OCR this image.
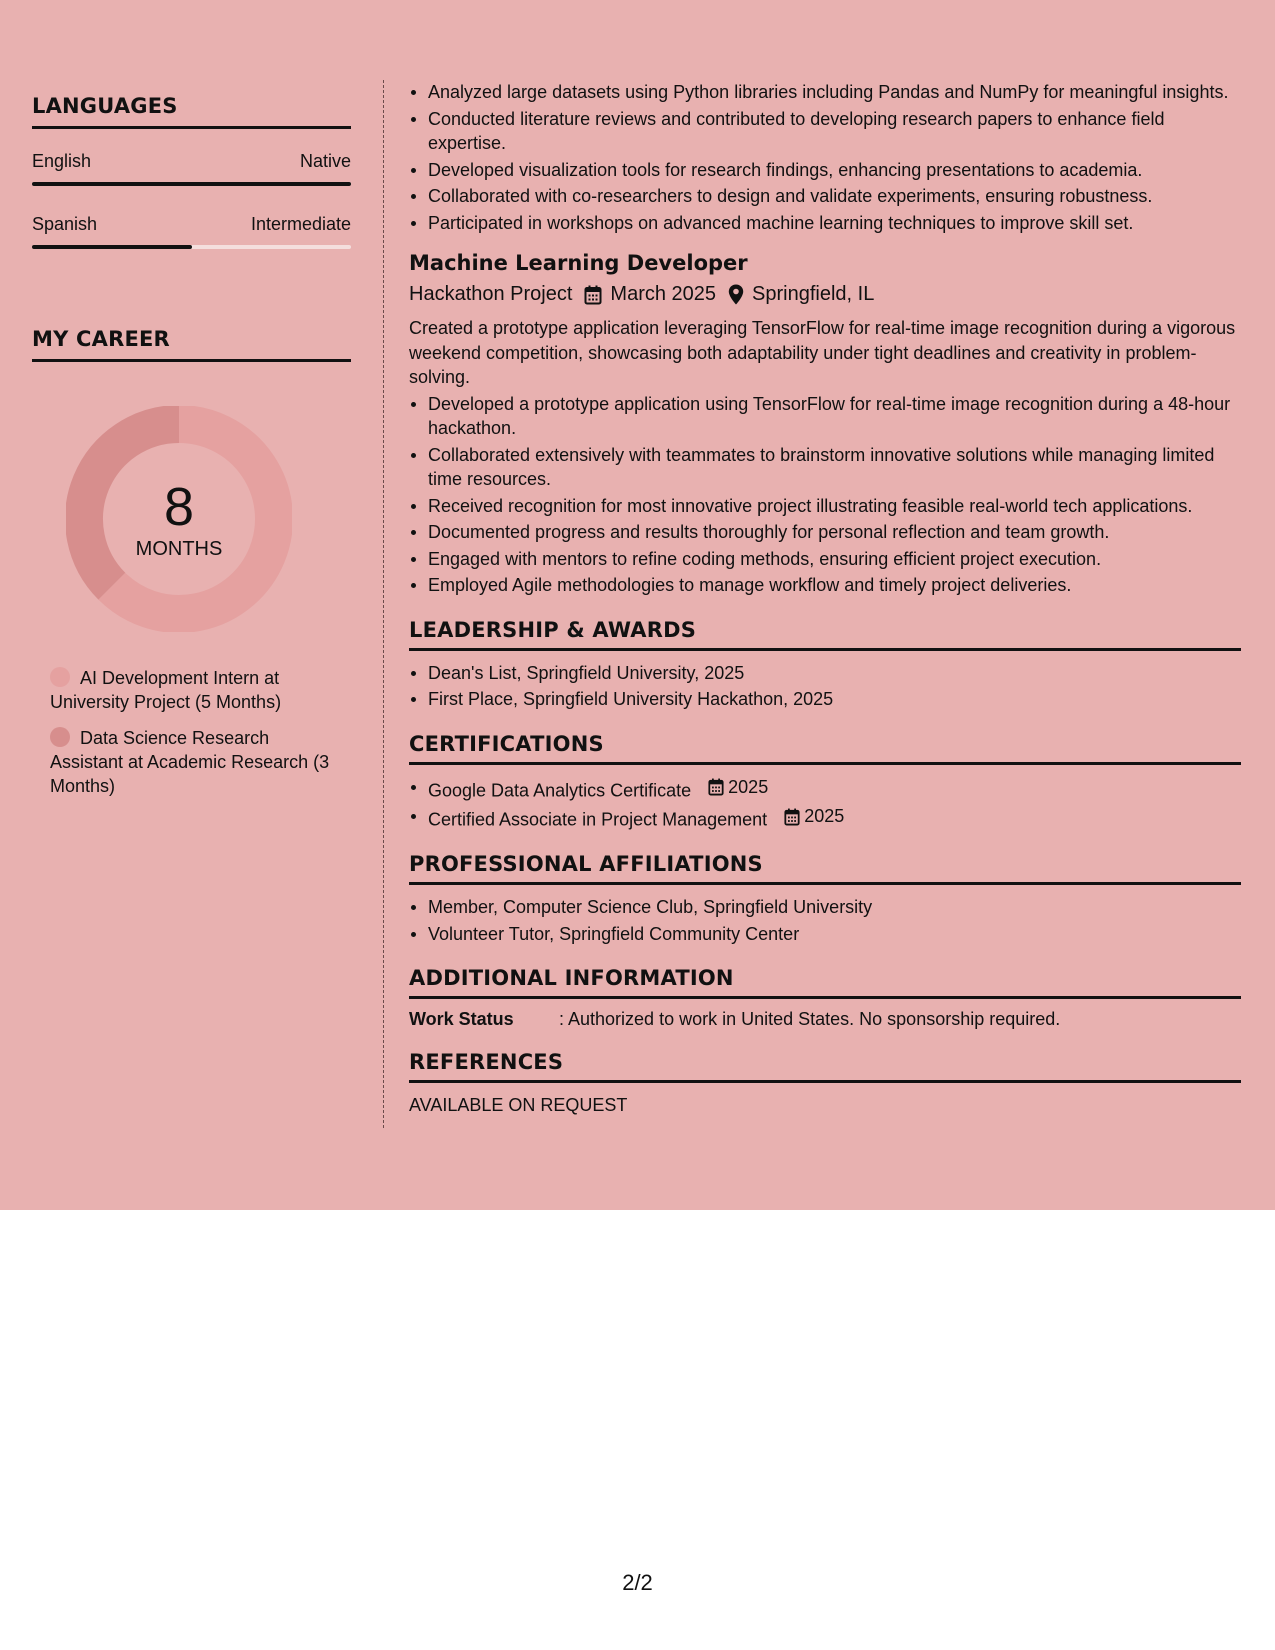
LANGUAGES
English	Native
Spanish	Intermediate
MY CAREER
8
MONTHS
AI Development Intern at University Project (5 Months)
Data Science Research Assistant at Academic Research (3 Months)
Analyzed large datasets using Python libraries including Pandas and NumPy for meaningful insights.
Conducted literature reviews and contributed to developing research papers to enhance field expertise.
Developed visualization tools for research findings, enhancing presentations to academia.
Collaborated with co-researchers to design and validate experiments, ensuring robustness.
Participated in workshops on advanced machine learning techniques to improve skill set.
Machine Learning Developer
Hackathon Project March 2025 Springfield, IL
Created a prototype application leveraging TensorFlow for real-time image recognition during a vigorous weekend competition, showcasing both adaptability under tight deadlines and creativity in problem-solving.
Developed a prototype application using TensorFlow for real-time image recognition during a 48-hour hackathon.
Collaborated extensively with teammates to brainstorm innovative solutions while managing limited time resources.
Received recognition for most innovative project illustrating feasible real-world tech applications.
Documented progress and results thoroughly for personal reflection and team growth.
Engaged with mentors to refine coding methods, ensuring efficient project execution.
Employed Agile methodologies to manage workflow and timely project deliveries.
LEADERSHIP & AWARDS
Dean's List, Springfield University, 2025
First Place, Springfield University Hackathon, 2025
CERTIFICATIONS
Google Data Analytics Certificate 2025
Certified Associate in Project Management 2025
PROFESSIONAL AFFILIATIONS
Member, Computer Science Club, Springfield University
Volunteer Tutor, Springfield Community Center
ADDITIONAL INFORMATION
Work Status	: Authorized to work in United States. No sponsorship required.
REFERENCES
AVAILABLE ON REQUEST
2/2
